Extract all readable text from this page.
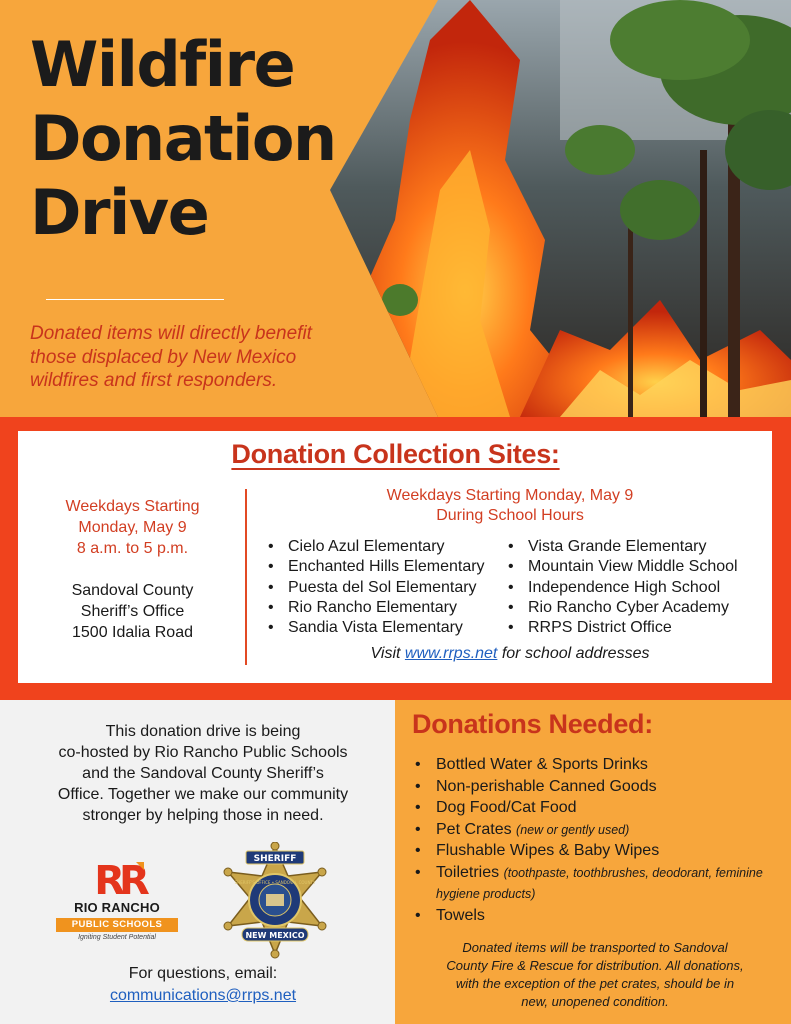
Wildfire
Donation
Drive

Donated items will directly benefit
those displaced by New Mexico
wildfires and first responders.

Donation Collection Sites:
Weekdays Starting
Monday, May 9
8 a.m. to 5 p.m.
Sandoval County
Sheriff’s Office
1500 Idalia Road
Weekdays Starting Monday, May 9
During School Hours
• Cielo Azul Elementary
• Enchanted Hills Elementary
• Puesta del Sol Elementary
• Rio Rancho Elementary
• Sandia Vista Elementary
• Vista Grande Elementary
• Mountain View Middle School
• Independence High School
• Rio Rancho Cyber Academy
• RRPS District Office

Visit www.rrps.net for school addresses

This donation drive is being
co-hosted by Rio Rancho Public Schools
and the Sandoval County Sheriff’s
Office. Together we make our community
stronger by helping those in need.

RR
RIO RANCHO
PUBLIC SCHOOLS
Igniting Student Potential
SHERIFF
SHERIFF'S OFFICE • SANDOVAL COUNTY
NEW MEXICO
For questions, email:
communications@rrps.net
Donations Needed:
• Bottled Water & Sports Drinks
• Non-perishable Canned Goods
• Dog Food/Cat Food
• Pet Crates (new or gently used)
• Flushable Wipes & Baby Wipes
• Toiletries (toothpaste, toothbrushes, deodorant, feminine hygiene products)
• Towels

Donated items will be transported to Sandoval
County Fire & Rescue for distribution. All donations,
with the exception of the pet crates, should be in
new, unopened condition.
